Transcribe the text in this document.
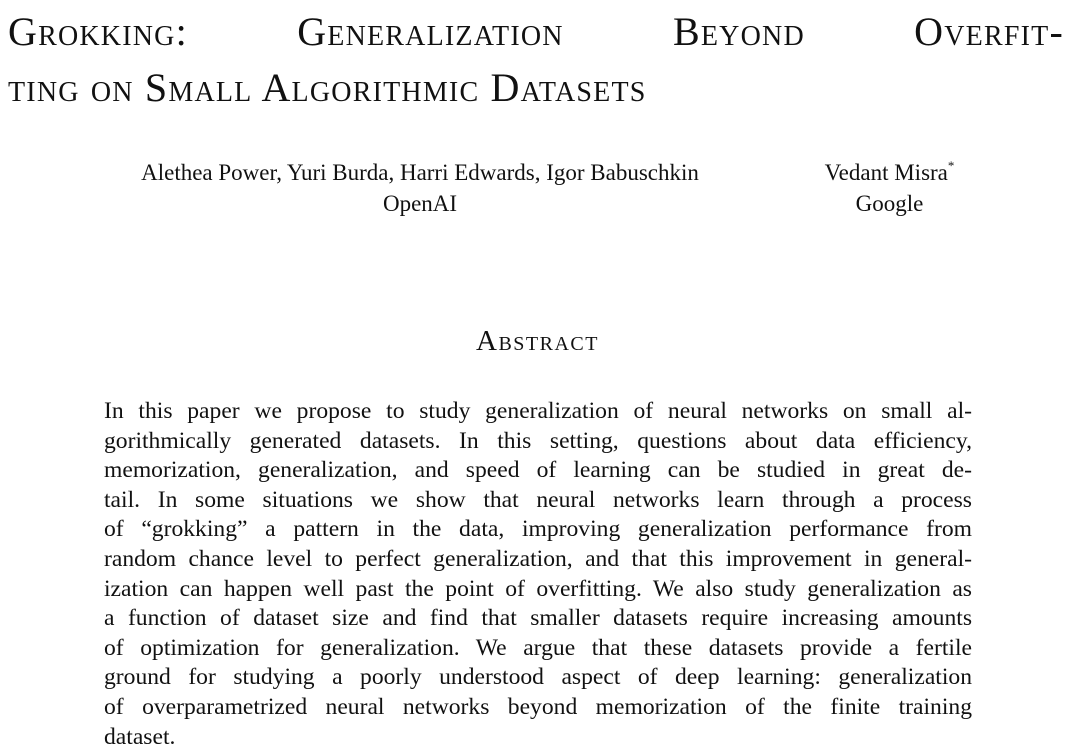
Grokking:	Generalization	Beyond	Overfit-
ting on Small Algorithmic Datasets
Alethea Power, Yuri Burda, Harri Edwards, Igor Babuschkin
OpenAI
Vedant Misra*
Google
Abstract
In this paper we propose to study generalization of neural networks on small al-
gorithmically generated datasets. In this setting, questions about data efficiency,
memorization, generalization, and speed of learning can be studied in great de-
tail. In some situations we show that neural networks learn through a process
of “grokking” a pattern in the data, improving generalization performance from
random chance level to perfect generalization, and that this improvement in general-
ization can happen well past the point of overfitting. We also study generalization as
a function of dataset size and find that smaller datasets require increasing amounts
of optimization for generalization. We argue that these datasets provide a fertile
ground for studying a poorly understood aspect of deep learning: generalization
of overparametrized neural networks beyond memorization of the finite training
dataset.
